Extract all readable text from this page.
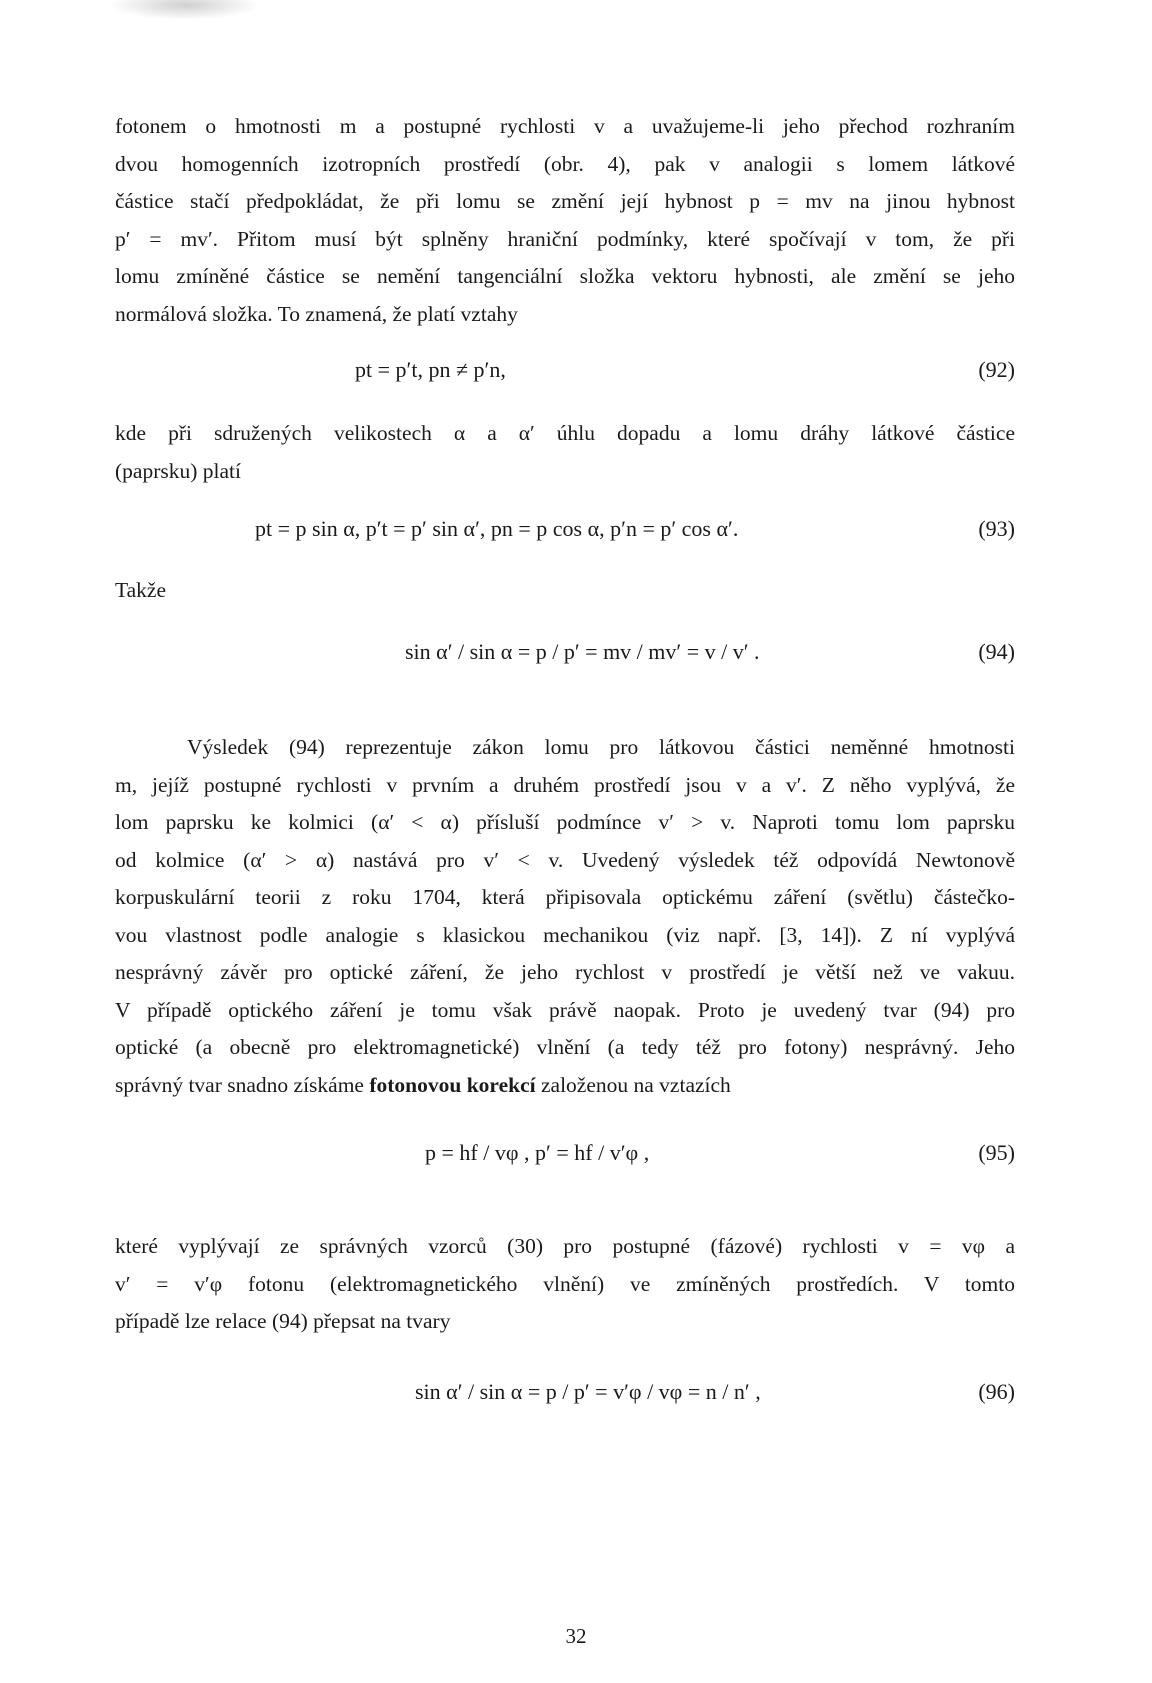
fotonem o hmotnosti m a postupné rychlosti v a uvažujeme-li jeho přechod rozhraním

dvou homogenních izotropních prostředí (obr. 4), pak v analogii s lomem látkové

částice stačí předpokládat, že při lomu se změní její hybnost p = mv na jinou hybnost

p′ = mv′. Přitom musí být splněny hraniční podmínky, které spočívají v tom, že při

lomu zmíněné částice se nemění tangenciální složka vektoru hybnosti, ale změní se jeho

normálová složka. To znamená, že platí vztahy

pt = p′t, pn ≠ p′n,	(92)

kde při sdružených velikostech α a α′ úhlu dopadu a lomu dráhy látkové částice

(paprsku) platí

pt = p sin α, p′t = p′ sin α′, pn = p cos α, p′n = p′ cos α′.	(93)

Takže

sin α′ / sin α = p / p′ = mv / mv′ = v / v′ .	(94)

Výsledek (94) reprezentuje zákon lomu pro látkovou částici neměnné hmotnosti

m, jejíž postupné rychlosti v prvním a druhém prostředí jsou v a v′. Z něho vyplývá, že

lom paprsku ke kolmici (α′ < α) přísluší podmínce v′ > v. Naproti tomu lom paprsku

od kolmice (α′ > α) nastává pro v′ < v. Uvedený výsledek též odpovídá Newtonově

korpuskulární teorii z roku 1704, která připisovala optickému záření (světlu) částečko-

vou vlastnost podle analogie s klasickou mechanikou (viz např. [3, 14]). Z ní vyplývá

nesprávný závěr pro optické záření, že jeho rychlost v prostředí je větší než ve vakuu.

V případě optického záření je tomu však právě naopak. Proto je uvedený tvar (94) pro

optické (a obecně pro elektromagnetické) vlnění (a tedy též pro fotony) nesprávný. Jeho

správný tvar snadno získáme fotonovou korekcí založenou na vztazích

p = hf / vφ , p′ = hf / v′φ ,	(95)

které vyplývají ze správných vzorců (30) pro postupné (fázové) rychlosti v = vφ a

v′ = v′φ fotonu (elektromagnetického vlnění) ve zmíněných prostředích. V tomto

případě lze relace (94) přepsat na tvary

sin α′ / sin α = p / p′ = v′φ / vφ = n / n′ ,	(96)
32
